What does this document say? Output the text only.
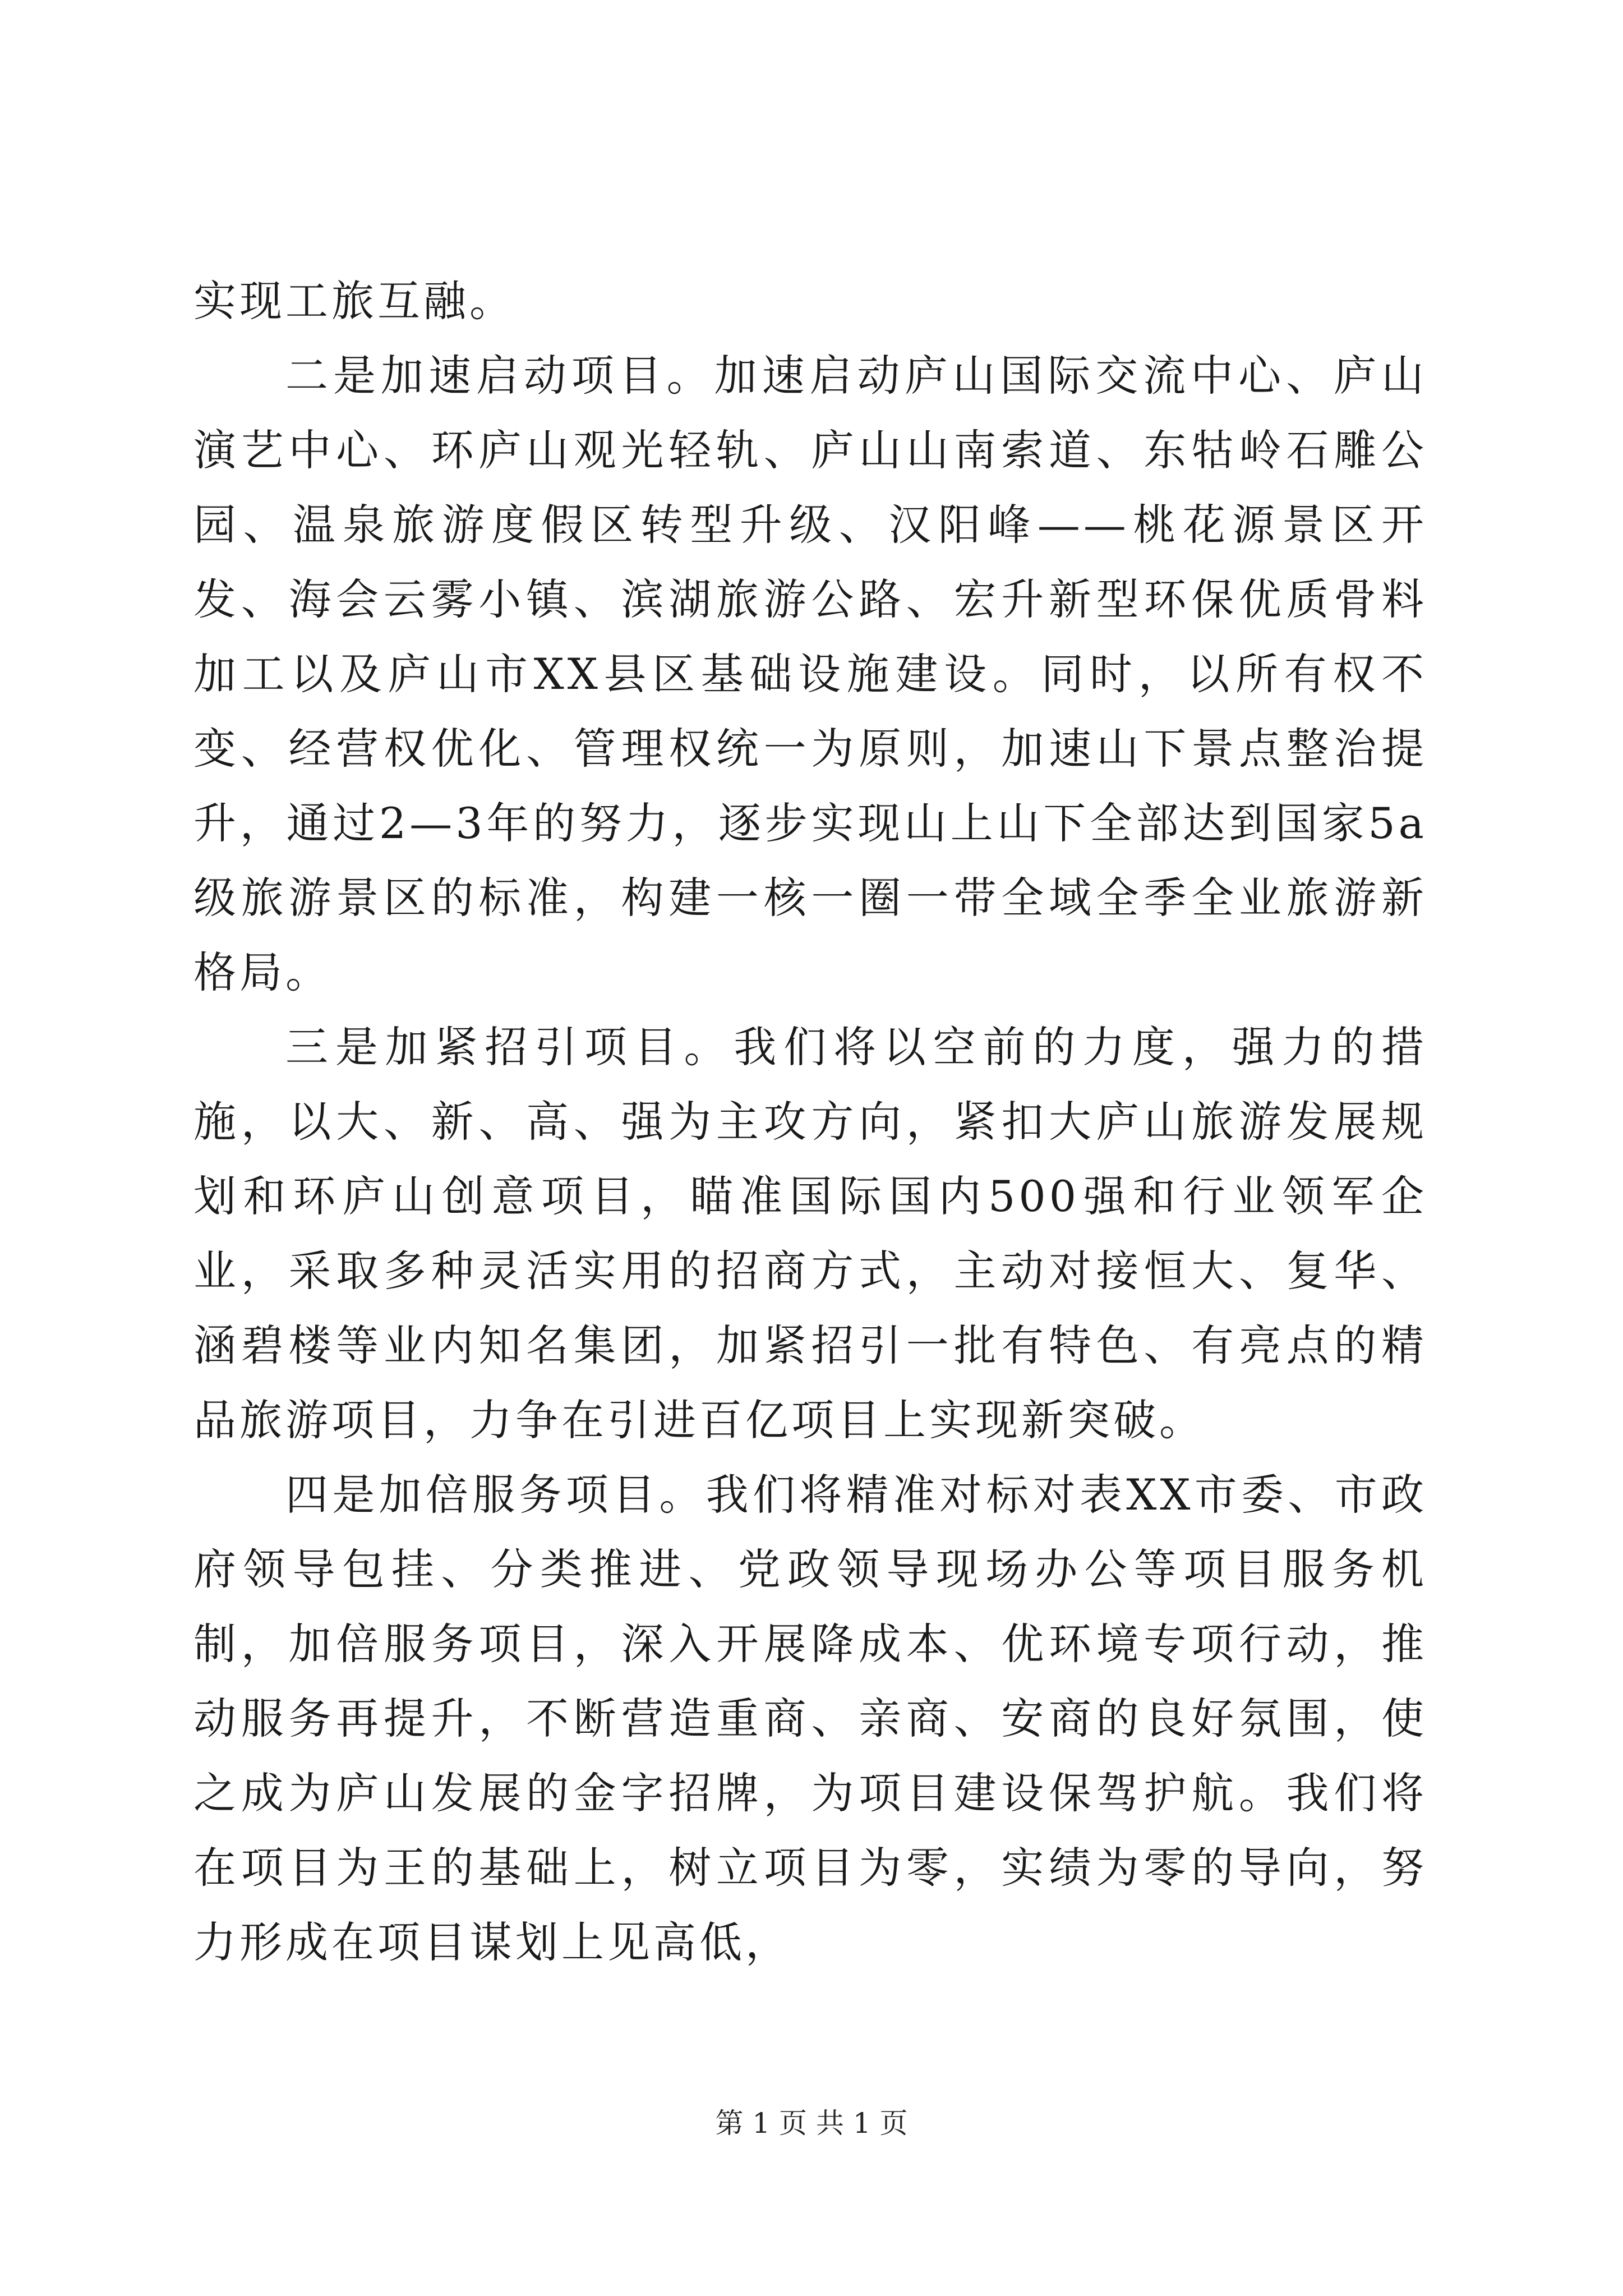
实现工旅互融。

二是加速启动项目。加速启动庐山国际交流中心、庐山演艺中心、环庐山观光轻轨、庐山山南索道、东牯岭石雕公园、温泉旅游度假区转型升级、汉阳峰——桃花源景区开发、海会云雾小镇、滨湖旅游公路、宏升新型环保优质骨料加工以及庐山市XX县区基础设施建设。同时，以所有权不变、经营权优化、管理权统一为原则，加速山下景点整治提升，通过2—3年的努力，逐步实现山上山下全部达到国家5a级旅游景区的标准，构建一核一圈一带全域全季全业旅游新格局。

三是加紧招引项目。我们将以空前的力度，强力的措施，以大、新、高、强为主攻方向，紧扣大庐山旅游发展规划和环庐山创意项目，瞄准国际国内500强和行业领军企业，采取多种灵活实用的招商方式，主动对接恒大、复华、涵碧楼等业内知名集团，加紧招引一批有特色、有亮点的精品旅游项目，力争在引进百亿项目上实现新突破。

四是加倍服务项目。我们将精准对标对表XX市委、市政府领导包挂、分类推进、党政领导现场办公等项目服务机制，加倍服务项目，深入开展降成本、优环境专项行动，推动服务再提升，不断营造重商、亲商、安商的良好氛围，使之成为庐山发展的金字招牌，为项目建设保驾护航。我们将在项目为王的基础上，树立项目为零，实绩为零的导向，努力形成在项目谋划上见高低，

第 1 页 共 1 页
